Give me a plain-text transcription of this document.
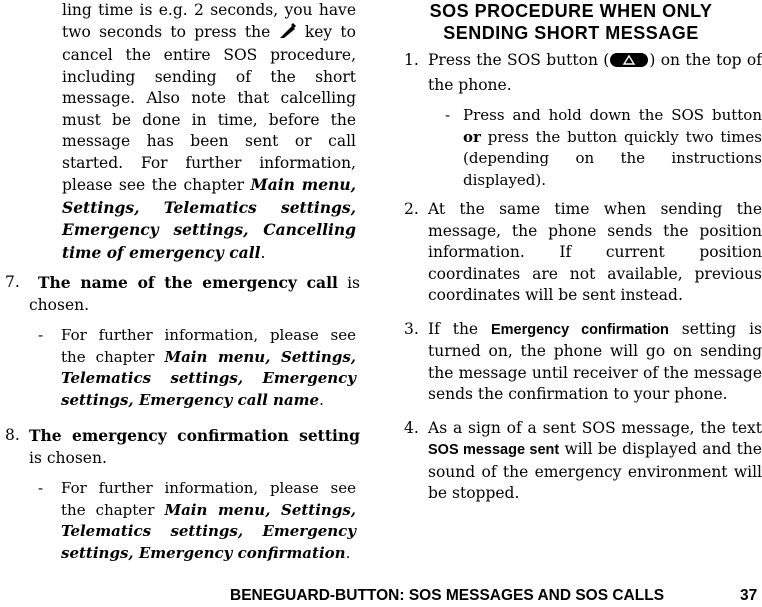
ling time is e.g. 2 seconds, you have two seconds to press the  key to cancel the entire SOS procedure, including sending of the short message. Also note that calcelling must be done in time, before the message has been sent or call started. For further information, please see the chapter Main menu, Settings, Telematics settings, Emergency settings, Cancelling time of emergency call.

7.	The name of the emergency call is chosen.

- For further information, please see the chapter Main menu, Settings, Telematics settings, Emergency settings, Emergency call name.

8. The emergency confirmation setting is chosen.

- For further information, please see the chapter Main menu, Settings, Telematics settings, Emergency settings, Emergency confirmation.

SOS PROCEDURE WHEN ONLY
SENDING SHORT MESSAGE
1. Press the SOS button (	) on the top of the phone.

- Press and hold down the SOS button or press the button quickly two times (depending on the instructions displayed).

2. At the same time when sending the message, the phone sends the position information. If current position coordinates are not available, previous coordinates will be sent instead.

3. If the Emergency confirmation setting is turned on, the phone will go on sending the message until receiver of the message sends the confirmation to your phone.

4. As a sign of a sent SOS message, the text SOS message sent will be displayed and the sound of the emergency environment will be stopped.

BENEGUARD-BUTTON: SOS MESSAGES AND SOS CALLS	37
